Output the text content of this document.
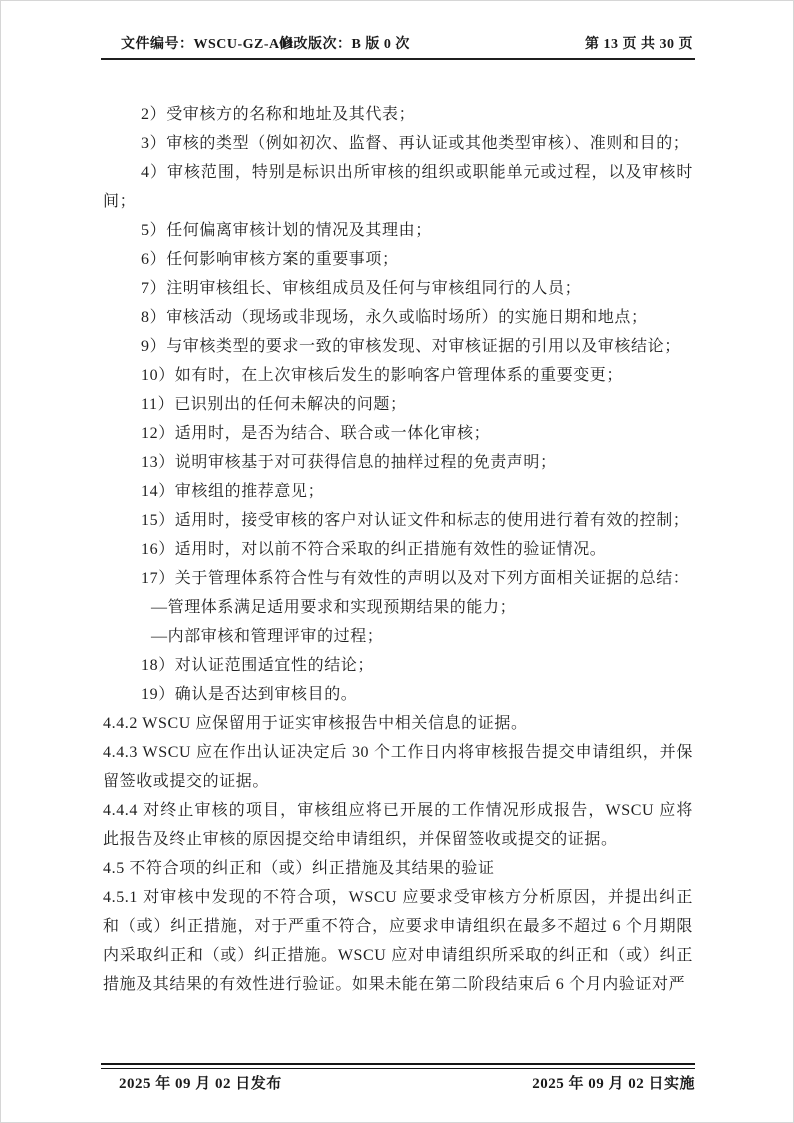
文件编号：WSCU-GZ-A01
修改版次：B 版 0 次	第 13 页 共 30 页

2）受审核方的名称和地址及其代表；

3）审核的类型（例如初次、监督、再认证或其他类型审核）、准则和目的；

4）审核范围，特别是标识出所审核的组织或职能单元或过程，以及审核时间；

5）任何偏离审核计划的情况及其理由；

6）任何影响审核方案的重要事项；

7）注明审核组长、审核组成员及任何与审核组同行的人员；

8）审核活动（现场或非现场，永久或临时场所）的实施日期和地点；

9）与审核类型的要求一致的审核发现、对审核证据的引用以及审核结论；

10）如有时，在上次审核后发生的影响客户管理体系的重要变更；

11）已识别出的任何未解决的问题；

12）适用时，是否为结合、联合或一体化审核；

13）说明审核基于对可获得信息的抽样过程的免责声明；

14）审核组的推荐意见；

15）适用时，接受审核的客户对认证文件和标志的使用进行着有效的控制；

16）适用时，对以前不符合采取的纠正措施有效性的验证情况。

17）关于管理体系符合性与有效性的声明以及对下列方面相关证据的总结：

—管理体系满足适用要求和实现预期结果的能力；

—内部审核和管理评审的过程；

18）对认证范围适宜性的结论；

19）确认是否达到审核目的。

4.4.2 WSCU 应保留用于证实审核报告中相关信息的证据。

4.4.3 WSCU 应在作出认证决定后 30 个工作日内将审核报告提交申请组织，并保留签收或提交的证据。

4.4.4 对终止审核的项目，审核组应将已开展的工作情况形成报告，WSCU 应将此报告及终止审核的原因提交给申请组织，并保留签收或提交的证据。

4.5 不符合项的纠正和（或）纠正措施及其结果的验证

4.5.1 对审核中发现的不符合项，WSCU 应要求受审核方分析原因，并提出纠正和（或）纠正措施，对于严重不符合，应要求申请组织在最多不超过 6 个月期限内采取纠正和（或）纠正措施。WSCU 应对申请组织所采取的纠正和（或）纠正措施及其结果的有效性进行验证。如果未能在第二阶段结束后 6 个月内验证对严

2025 年 09 月 02 日发布	2025 年 09 月 02 日实施
